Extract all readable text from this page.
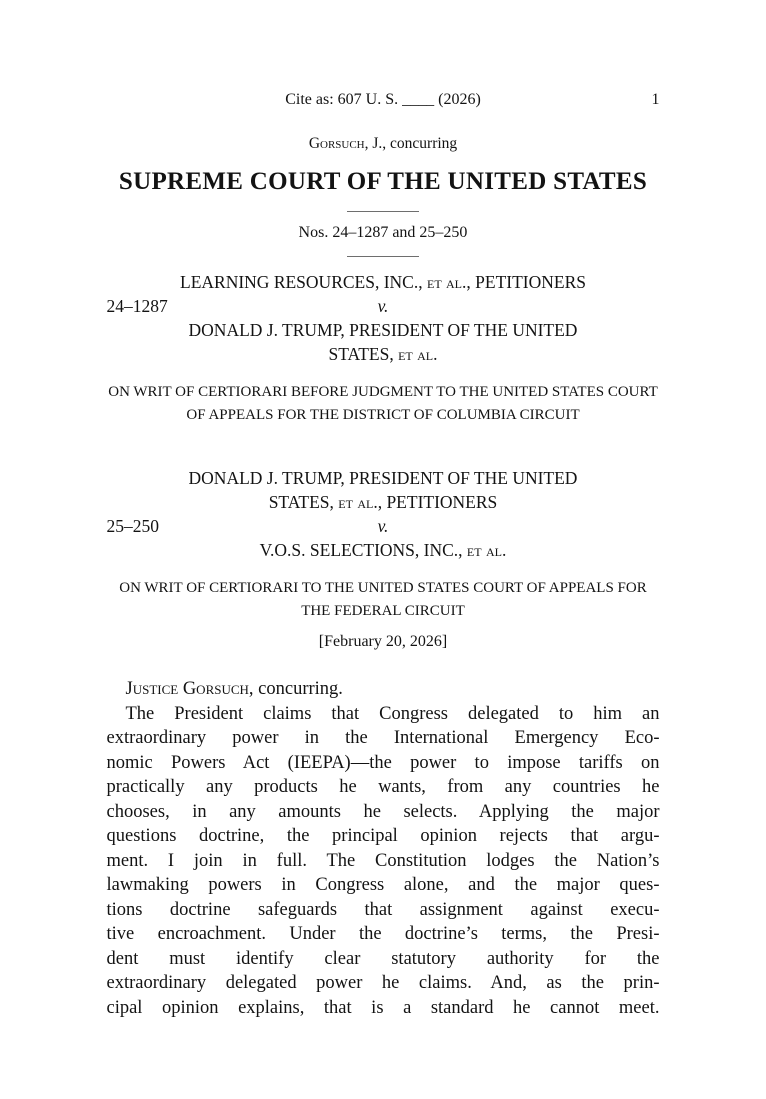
Cite as: 607 U. S. ____ (2026)	1
Gorsuch, J., concurring
SUPREME COURT OF THE UNITED STATES
Nos. 24–1287 and 25–250
LEARNING RESOURCES, INC., et al., PETITIONERS
24–1287	v.
DONALD J. TRUMP, PRESIDENT OF THE UNITED
STATES, et al.
ON WRIT OF CERTIORARI BEFORE JUDGMENT TO THE UNITED STATES COURT OF APPEALS FOR THE DISTRICT OF COLUMBIA CIRCUIT
DONALD J. TRUMP, PRESIDENT OF THE UNITED
STATES, et al., PETITIONERS
25–250	v.
V.O.S. SELECTIONS, INC., et al.
ON WRIT OF CERTIORARI TO THE UNITED STATES COURT OF APPEALS FOR THE FEDERAL CIRCUIT
[February 20, 2026]
Justice Gorsuch, concurring.
The President claims that Congress delegated to him an
extraordinary power in the International Emergency Eco-
nomic Powers Act (IEEPA)—the power to impose tariffs on
practically any products he wants, from any countries he
chooses, in any amounts he selects. Applying the major
questions doctrine, the principal opinion rejects that argu-
ment. I join in full. The Constitution lodges the Nation’s
lawmaking powers in Congress alone, and the major ques-
tions doctrine safeguards that assignment against execu-
tive encroachment. Under the doctrine’s terms, the Presi-
dent must identify clear statutory authority for the
extraordinary delegated power he claims. And, as the prin-
cipal opinion explains, that is a standard he cannot meet.
